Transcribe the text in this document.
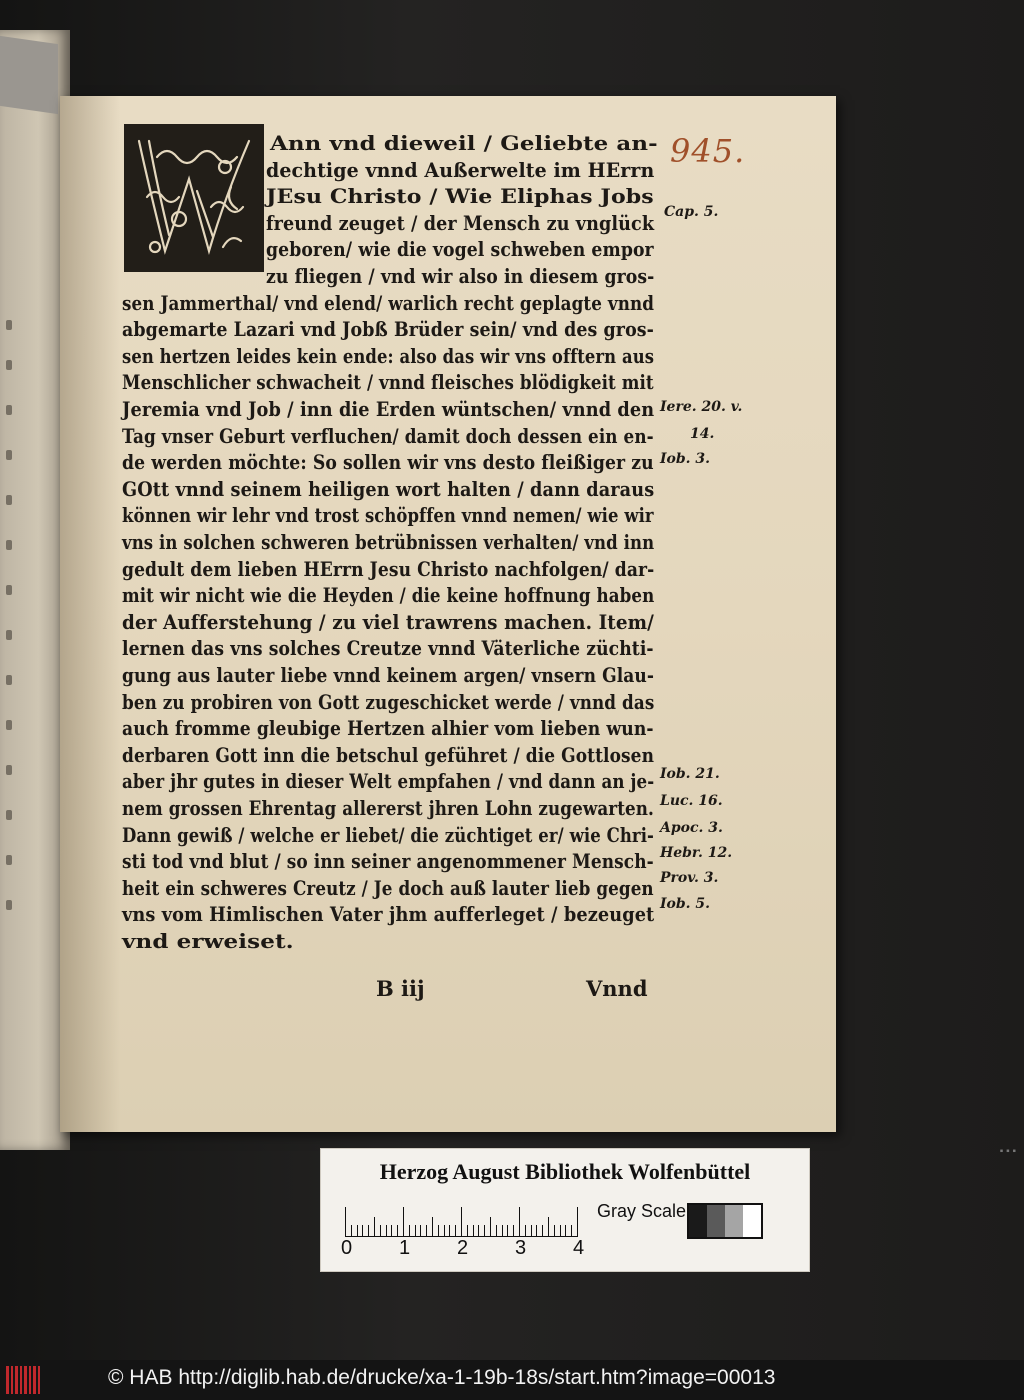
945.
Ann vnd dieweil / Geliebte an-
dechtige vnnd Außerwelte im HErrn
JEsu Christo / Wie Eliphas Jobs
freund zeuget / der Mensch zu vnglück
geboren/ wie die vogel schweben empor
zu fliegen / vnd wir also in diesem gros-
sen Jammerthal/ vnd elend/ warlich recht geplagte vnnd
abgemarte Lazari vnd Jobß Brüder sein/ vnd des gros-
sen hertzen leides kein ende: also das wir vns offtern aus
Menschlicher schwacheit / vnnd fleisches blödigkeit mit
Jeremia vnd Job / inn die Erden wüntschen/ vnnd den
Tag vnser Geburt verfluchen/ damit doch dessen ein en-
de werden möchte: So sollen wir vns desto fleißiger zu
GOtt vnnd seinem heiligen wort halten / dann daraus
können wir lehr vnd trost schöpffen vnnd nemen/ wie wir
vns in solchen schweren betrübnissen verhalten/ vnd inn
gedult dem lieben HErrn Jesu Christo nachfolgen/ dar-
mit wir nicht wie die Heyden / die keine hoffnung haben
der Aufferstehung / zu viel trawrens machen. Item/
lernen das vns solches Creutze vnnd Väterliche züchti-
gung aus lauter liebe vnnd keinem argen/ vnsern Glau-
ben zu probiren von Gott zugeschicket werde / vnnd das
auch fromme gleubige Hertzen alhier vom lieben wun-
derbaren Gott inn die betschul geführet / die Gottlosen
aber jhr gutes in dieser Welt empfahen / vnd dann an je-
nem grossen Ehrentag allererst jhren Lohn zugewarten.
Dann gewiß / welche er liebet/ die züchtiget er/ wie Chri-
sti tod vnd blut / so inn seiner angenommener Mensch-
heit ein schweres Creutz / Je doch auß lauter lieb gegen
vns vom Himlischen Vater jhm aufferleget / bezeuget
vnd erweiset.
Cap. 5.
Iere. 20. v.
14.
Iob. 3.
Iob. 21.
Luc. 16.
Apoc. 3.
Hebr. 12.
Prov. 3.
Iob. 5.
B iij	Vnnd
Herzog August Bibliothek Wolfenbüttel
0 1 2 3 4
Gray Scale
▪ ▪ ▪
© HAB http://diglib.hab.de/drucke/xa-1-19b-18s/start.htm?image=00013
